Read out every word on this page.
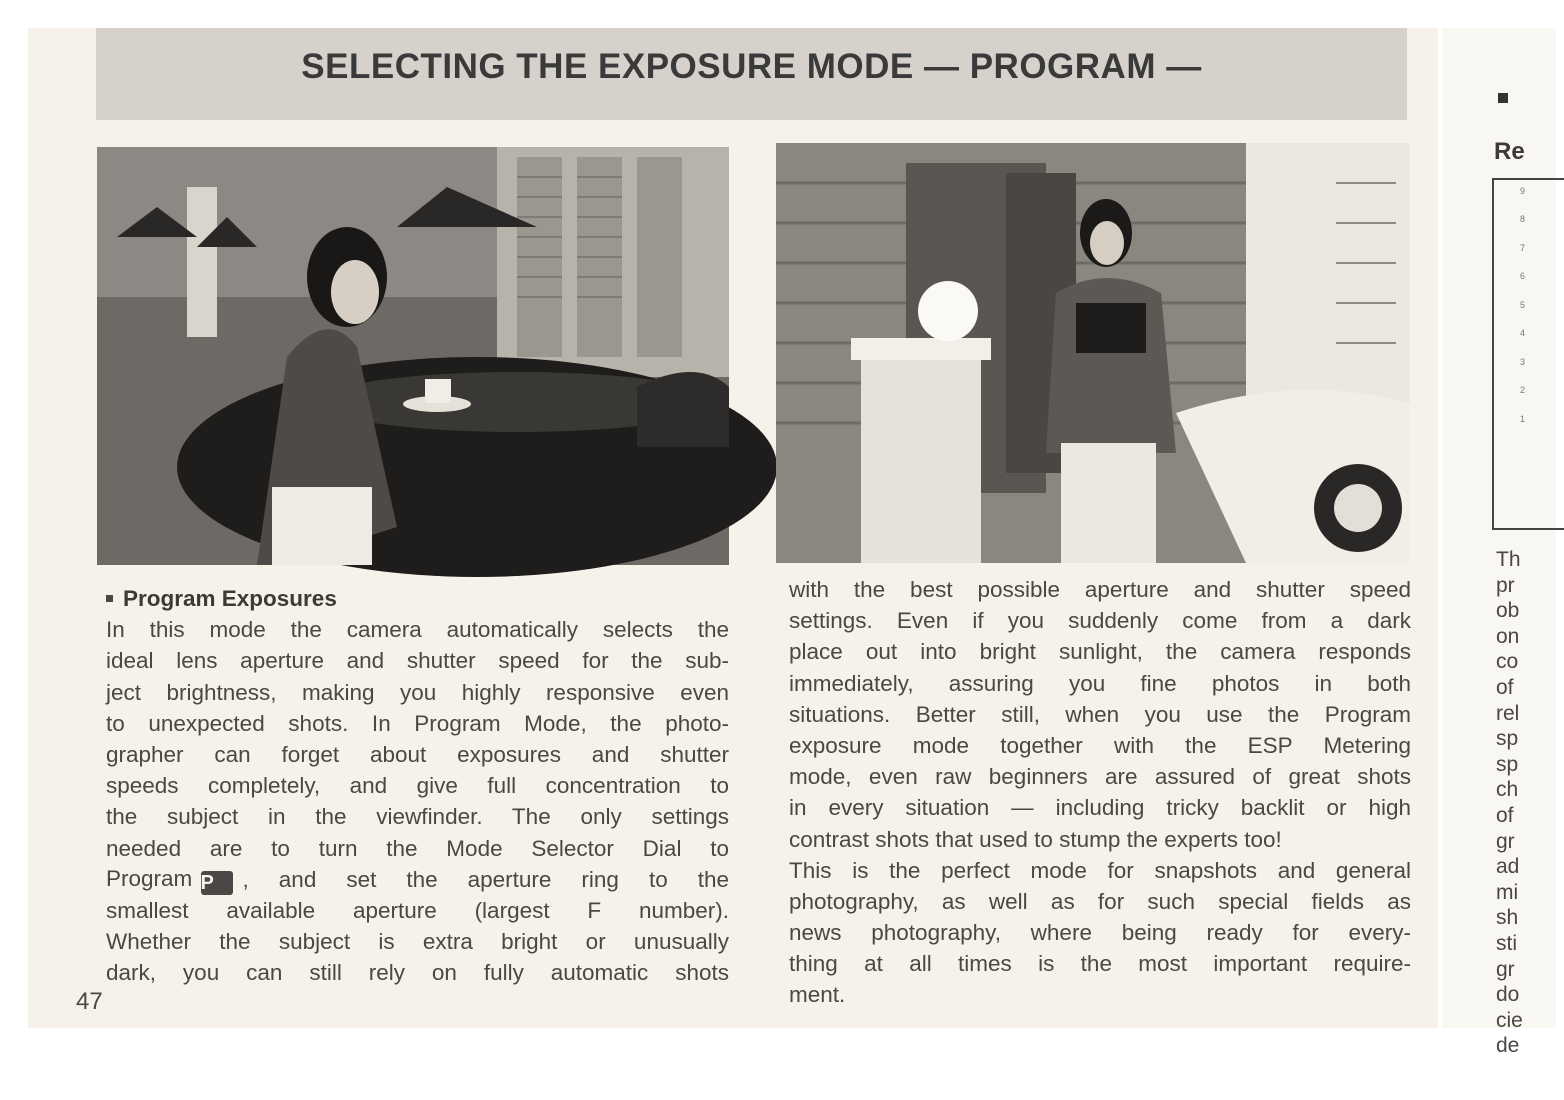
SELECTING THE EXPOSURE MODE — PROGRAM —
Program Exposures
In this mode the camera automatically selects the
ideal lens aperture and shutter speed for the sub-
ject brightness, making you highly responsive even
to unexpected shots. In Program Mode, the photo-
grapher can forget about exposures and shutter
speeds completely, and give full concentration to
the subject in the viewfinder. The only settings
needed are to turn the Mode Selector Dial to
Program P	, and set the aperture ring to the
smallest available aperture (largest F number).
Whether the subject is extra bright or unusually
dark, you can still rely on fully automatic shots
with the best possible aperture and shutter speed
settings. Even if you suddenly come from a dark
place out into bright sunlight, the camera responds
immediately, assuring you fine photos in both
situations. Better still, when you use the Program
exposure mode together with the ESP Metering
mode, even raw beginners are assured of great shots
in every situation — including tricky backlit or high
contrast shots that used to stump the experts too!
This is the perfect mode for snapshots and general
photography, as well as for such special fields as
news photography, where being ready for every-
thing at all times is the most important require-
ment.
47
Re
9
8
7
6
5
4
3
2
1
Th
pr
ob
on
co
of
rel
sp
sp
ch
of
gr
ad
mi
sh
sti
gr
do
cie
de
